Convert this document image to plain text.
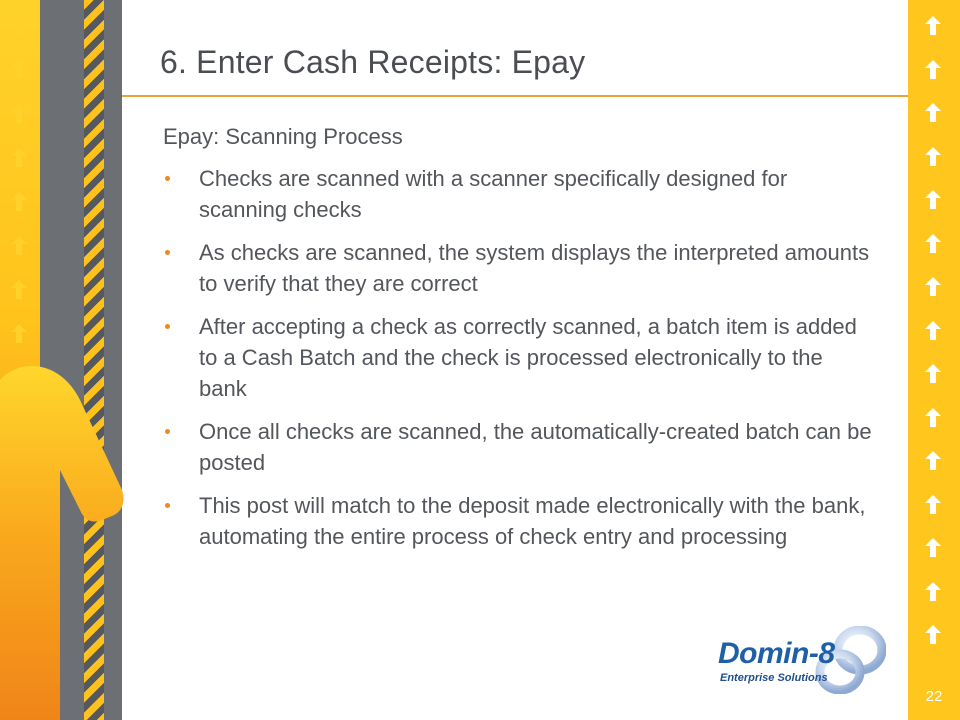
6. Enter Cash Receipts: Epay
Epay: Scanning Process
Checks are scanned with a scanner specifically designed for scanning checks
As checks are scanned, the system displays the interpreted amounts to verify that they are correct
After accepting a check as correctly scanned, a batch item is added to a Cash Batch and the check is processed electronically to the bank
Once all checks are scanned, the automatically-created batch can be posted
This post will match to the deposit made electronically with the bank, automating the entire process of check entry and processing
Domin-8
Enterprise Solutions
22
